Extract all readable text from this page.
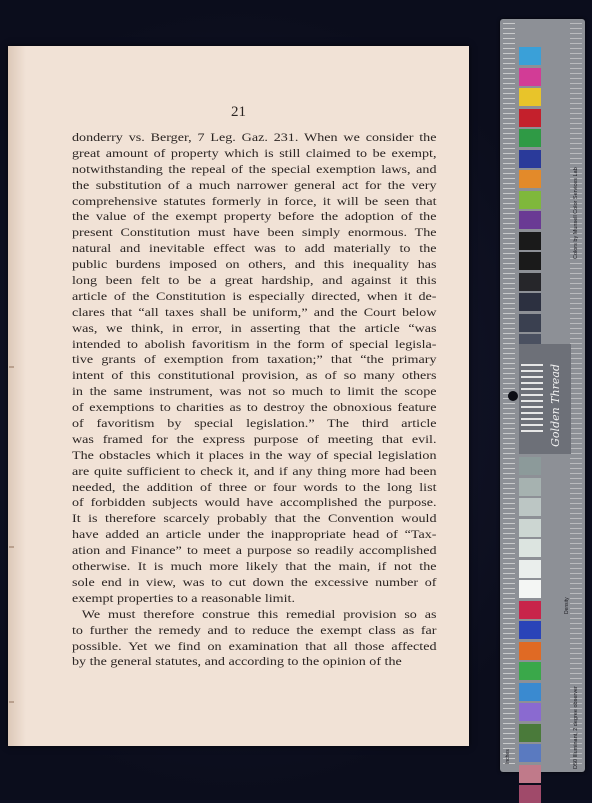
21
donderry vs. Berger, 7 Leg. Gaz. 231. When we consider the
great amount of property which is still claimed to be exempt,
notwithstanding the repeal of the special exemption laws, and
the substitution of a much narrower general act for the very
comprehensive statutes formerly in force, it will be seen that
the value of the exempt property before the adoption of the
present Constitution must have been simply enormous. The
natural and inevitable effect was to add materially to the
public burdens imposed on others, and this inequality has
long been felt to be a great hardship, and against it this
article of the Constitution is especially directed, when it de-
clares that “all taxes shall be uniform,” and the Court below
was, we think, in error, in asserting that the article “was
intended to abolish favoritism in the form of special legisla-
tive grants of exemption from taxation;” that “the primary
intent of this constitutional provision, as of so many others
in the same instrument, was not so much to limit the scope
of exemptions to charities as to destroy the obnoxious feature
of favoritism by special legislation.” The third article
was framed for the express purpose of meeting that evil.
The obstacles which it places in the way of special legislation
are quite sufficient to check it, and if any thing more had been
needed, the addition of three or four words to the long list
of forbidden subjects would have accomplished the purpose.
It is therefore scarcely probably that the Convention would
have added an article under the inappropriate head of “Tax-
ation and Finance” to meet a purpose so readily accomplished
otherwise. It is much more likely that the main, if not the
sole end in view, was to cut down the excessive number of
exempt properties to a reasonable limit.
We must therefore construe this remedial provision so as
to further the remedy and to reduce the exempt class as far
possible. Yet we find on examination that all those affected
by the general statutes, and according to the opinion of the
Golden Thread
Colors by Munsell Color Services Lab
D50 Illuminant, 2 degree observer
Density
Inches
